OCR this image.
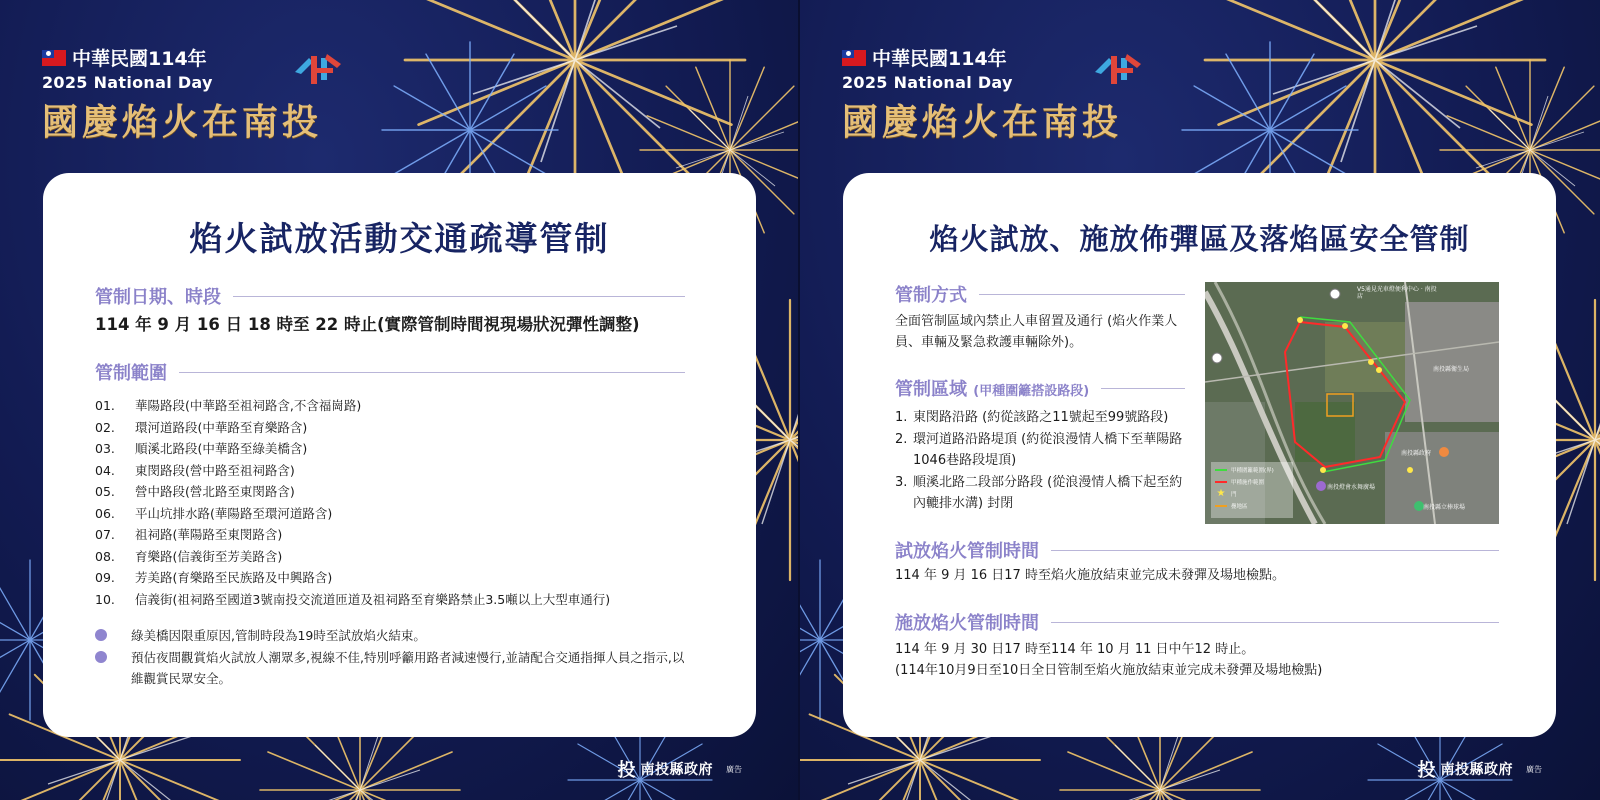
中華民國114年
2025 National Day
國慶焰火在南投
焰火試放活動交通疏導管制
管制日期、時段
114 年 9 月 16 日 18 時至 22 時止(實際管制時間視現場狀況彈性調整)
管制範圍
01.	華陽路段(中華路至祖祠路含,不含福崗路)
02.	環河道路段(中華路至育樂路含)
03.	順溪北路段(中華路至綠美橋含)
04.	東閔路段(營中路至祖祠路含)
05.	營中路段(營北路至東閔路含)
06.	平山坑排水路(華陽路至環河道路含)
07.	祖祠路(華陽路至東閔路含)
08.	育樂路(信義街至芳美路含)
09.	芳美路(育樂路至民族路及中興路含)
10.	信義街(祖祠路至國道3號南投交流道匝道及祖祠路至育樂路禁止3.5噸以上大型車通行)
綠美橋因限重原因,管制時段為19時至試放焰火結束。
預估夜間觀賞焰火試放人潮眾多,視線不佳,特別呼籲用路者減速慢行,並請配合交通指揮人員之指示,以維觀賞民眾安全。
投 南投縣政府 廣告
中華民國114年
2025 National Day
國慶焰火在南投
焰火試放、施放佈彈區及落焰區安全管制
管制方式
全面管制區域內禁止人車留置及通行 (焰火作業人員、車輛及緊急救護車輛除外)。
管制區域 (甲種圍籬搭設路段)
1. 東閔路沿路 (約從該路之11號起至99號路段)
2. 環河道路沿路堤頂 (約從浪漫情人橋下至華陽路1046巷路段堤頂)
3. 順溪北路二段部分路段 (從浪漫情人橋下起至約內轆排水溝) 封閉
V5通見光車燈便利中心 · 南投店
南投縣衛生局
南投縣立棒球場
南投燈會水舞廣場
南投縣政府
甲種圍籬範圍(界)
甲種施作範圍
★ 門
疊地區
試放焰火管制時間
114 年 9 月 16 日17 時至焰火施放結束並完成未發彈及場地檢點。
施放焰火管制時間
114 年 9 月 30 日17 時至114 年 10 月 11 日中午12 時止。
(114年10月9日至10日全日管制至焰火施放結束並完成未發彈及場地檢點)
投 南投縣政府 廣告
